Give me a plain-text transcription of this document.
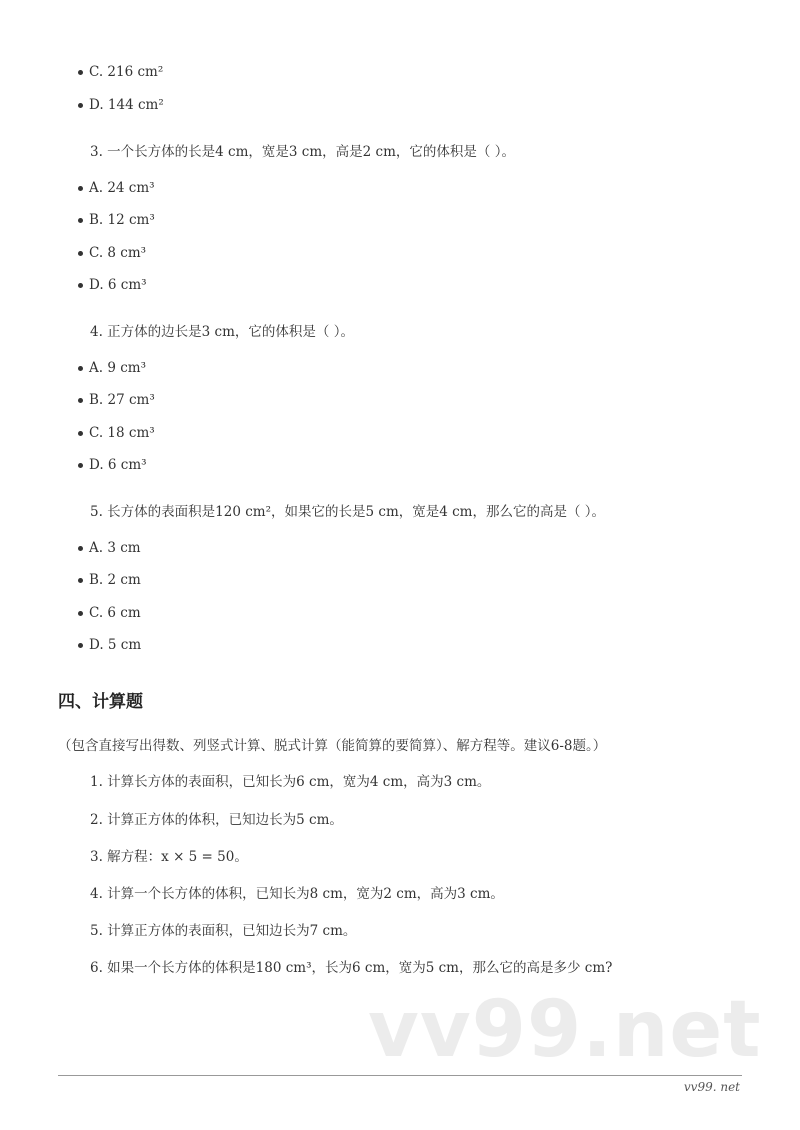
C. 216 cm²
D. 144 cm²
3. 一个长方体的长是4 cm，宽是3 cm，高是2 cm，它的体积是（ ）。
A. 24 cm³
B. 12 cm³
C. 8 cm³
D. 6 cm³
4. 正方体的边长是3 cm，它的体积是（ ）。
A. 9 cm³
B. 27 cm³
C. 18 cm³
D. 6 cm³
5. 长方体的表面积是120 cm²，如果它的长是5 cm，宽是4 cm，那么它的高是（ ）。
A. 3 cm
B. 2 cm
C. 6 cm
D. 5 cm
四、计算题
（包含直接写出得数、列竖式计算、脱式计算（能简算的要简算）、解方程等。建议6-8题。）
1. 计算长方体的表面积，已知长为6 cm，宽为4 cm，高为3 cm。
2. 计算正方体的体积，已知边长为5 cm。
3. 解方程：x × 5 = 50。
4. 计算一个长方体的体积，已知长为8 cm，宽为2 cm，高为3 cm。
5. 计算正方体的表面积，已知边长为7 cm。
6. 如果一个长方体的体积是180 cm³，长为6 cm，宽为5 cm，那么它的高是多少 cm?
vv99.net
vv99. net
